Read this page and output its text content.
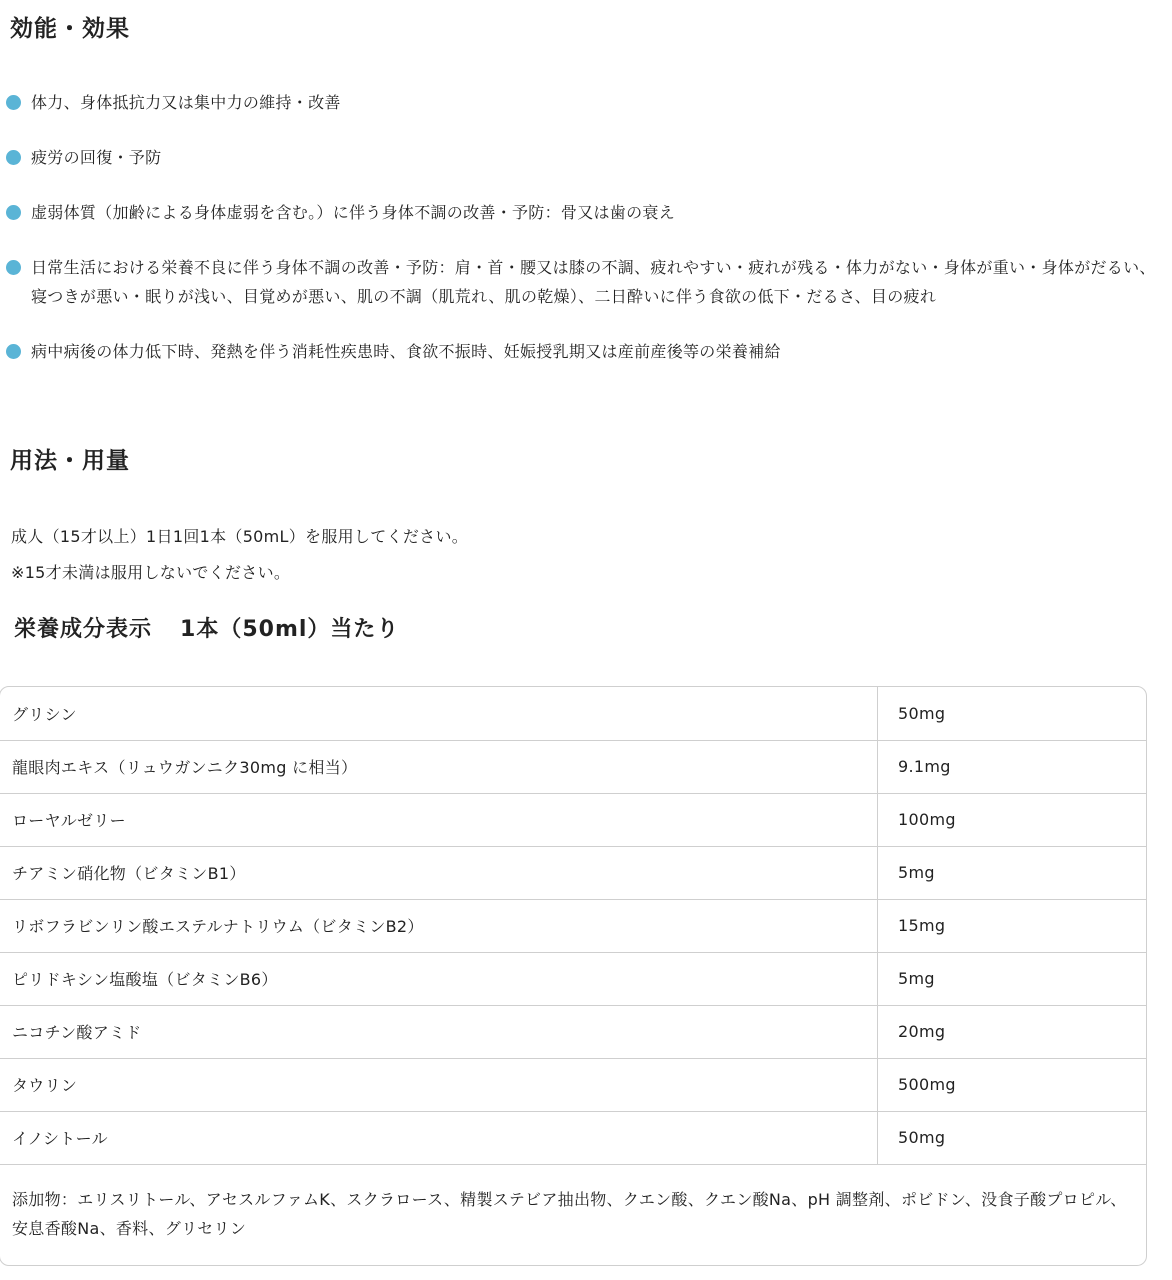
効能・効果
体力、身体抵抗力又は集中力の維持・改善
疲労の回復・予防
虚弱体質（加齢による身体虚弱を含む。）に伴う身体不調の改善・予防：骨又は歯の衰え
日常生活における栄養不良に伴う身体不調の改善・予防：肩・首・腰又は膝の不調、疲れやすい・疲れが残る・体力がない・身体が重い・身体がだるい、寝つきが悪い・眠りが浅い、目覚めが悪い、肌の不調（肌荒れ、肌の乾燥）、二日酔いに伴う食欲の低下・だるさ、目の疲れ
病中病後の体力低下時、発熱を伴う消耗性疾患時、食欲不振時、妊娠授乳期又は産前産後等の栄養補給
用法・用量

成人（15才以上）1日1回1本（50mL）を服用してください。

※15才未満は服用しないでください。

栄養成分表示 1本（50ml）当たり
グリシン	50mg
龍眼肉エキス（リュウガンニク30mg に相当）	9.1mg
ローヤルゼリー	100mg
チアミン硝化物（ビタミンB1）	5mg
リボフラビンリン酸エステルナトリウム（ビタミンB2）	15mg
ピリドキシン塩酸塩（ビタミンB6）	5mg
ニコチン酸アミド	20mg
タウリン	500mg
イノシトール	50mg
添加物：エリスリトール、アセスルファムK、スクラロース、精製ステビア抽出物、クエン酸、クエン酸Na、pH 調整剤、ポビドン、没食子酸プロピル、安息香酸Na、香料、グリセリン
